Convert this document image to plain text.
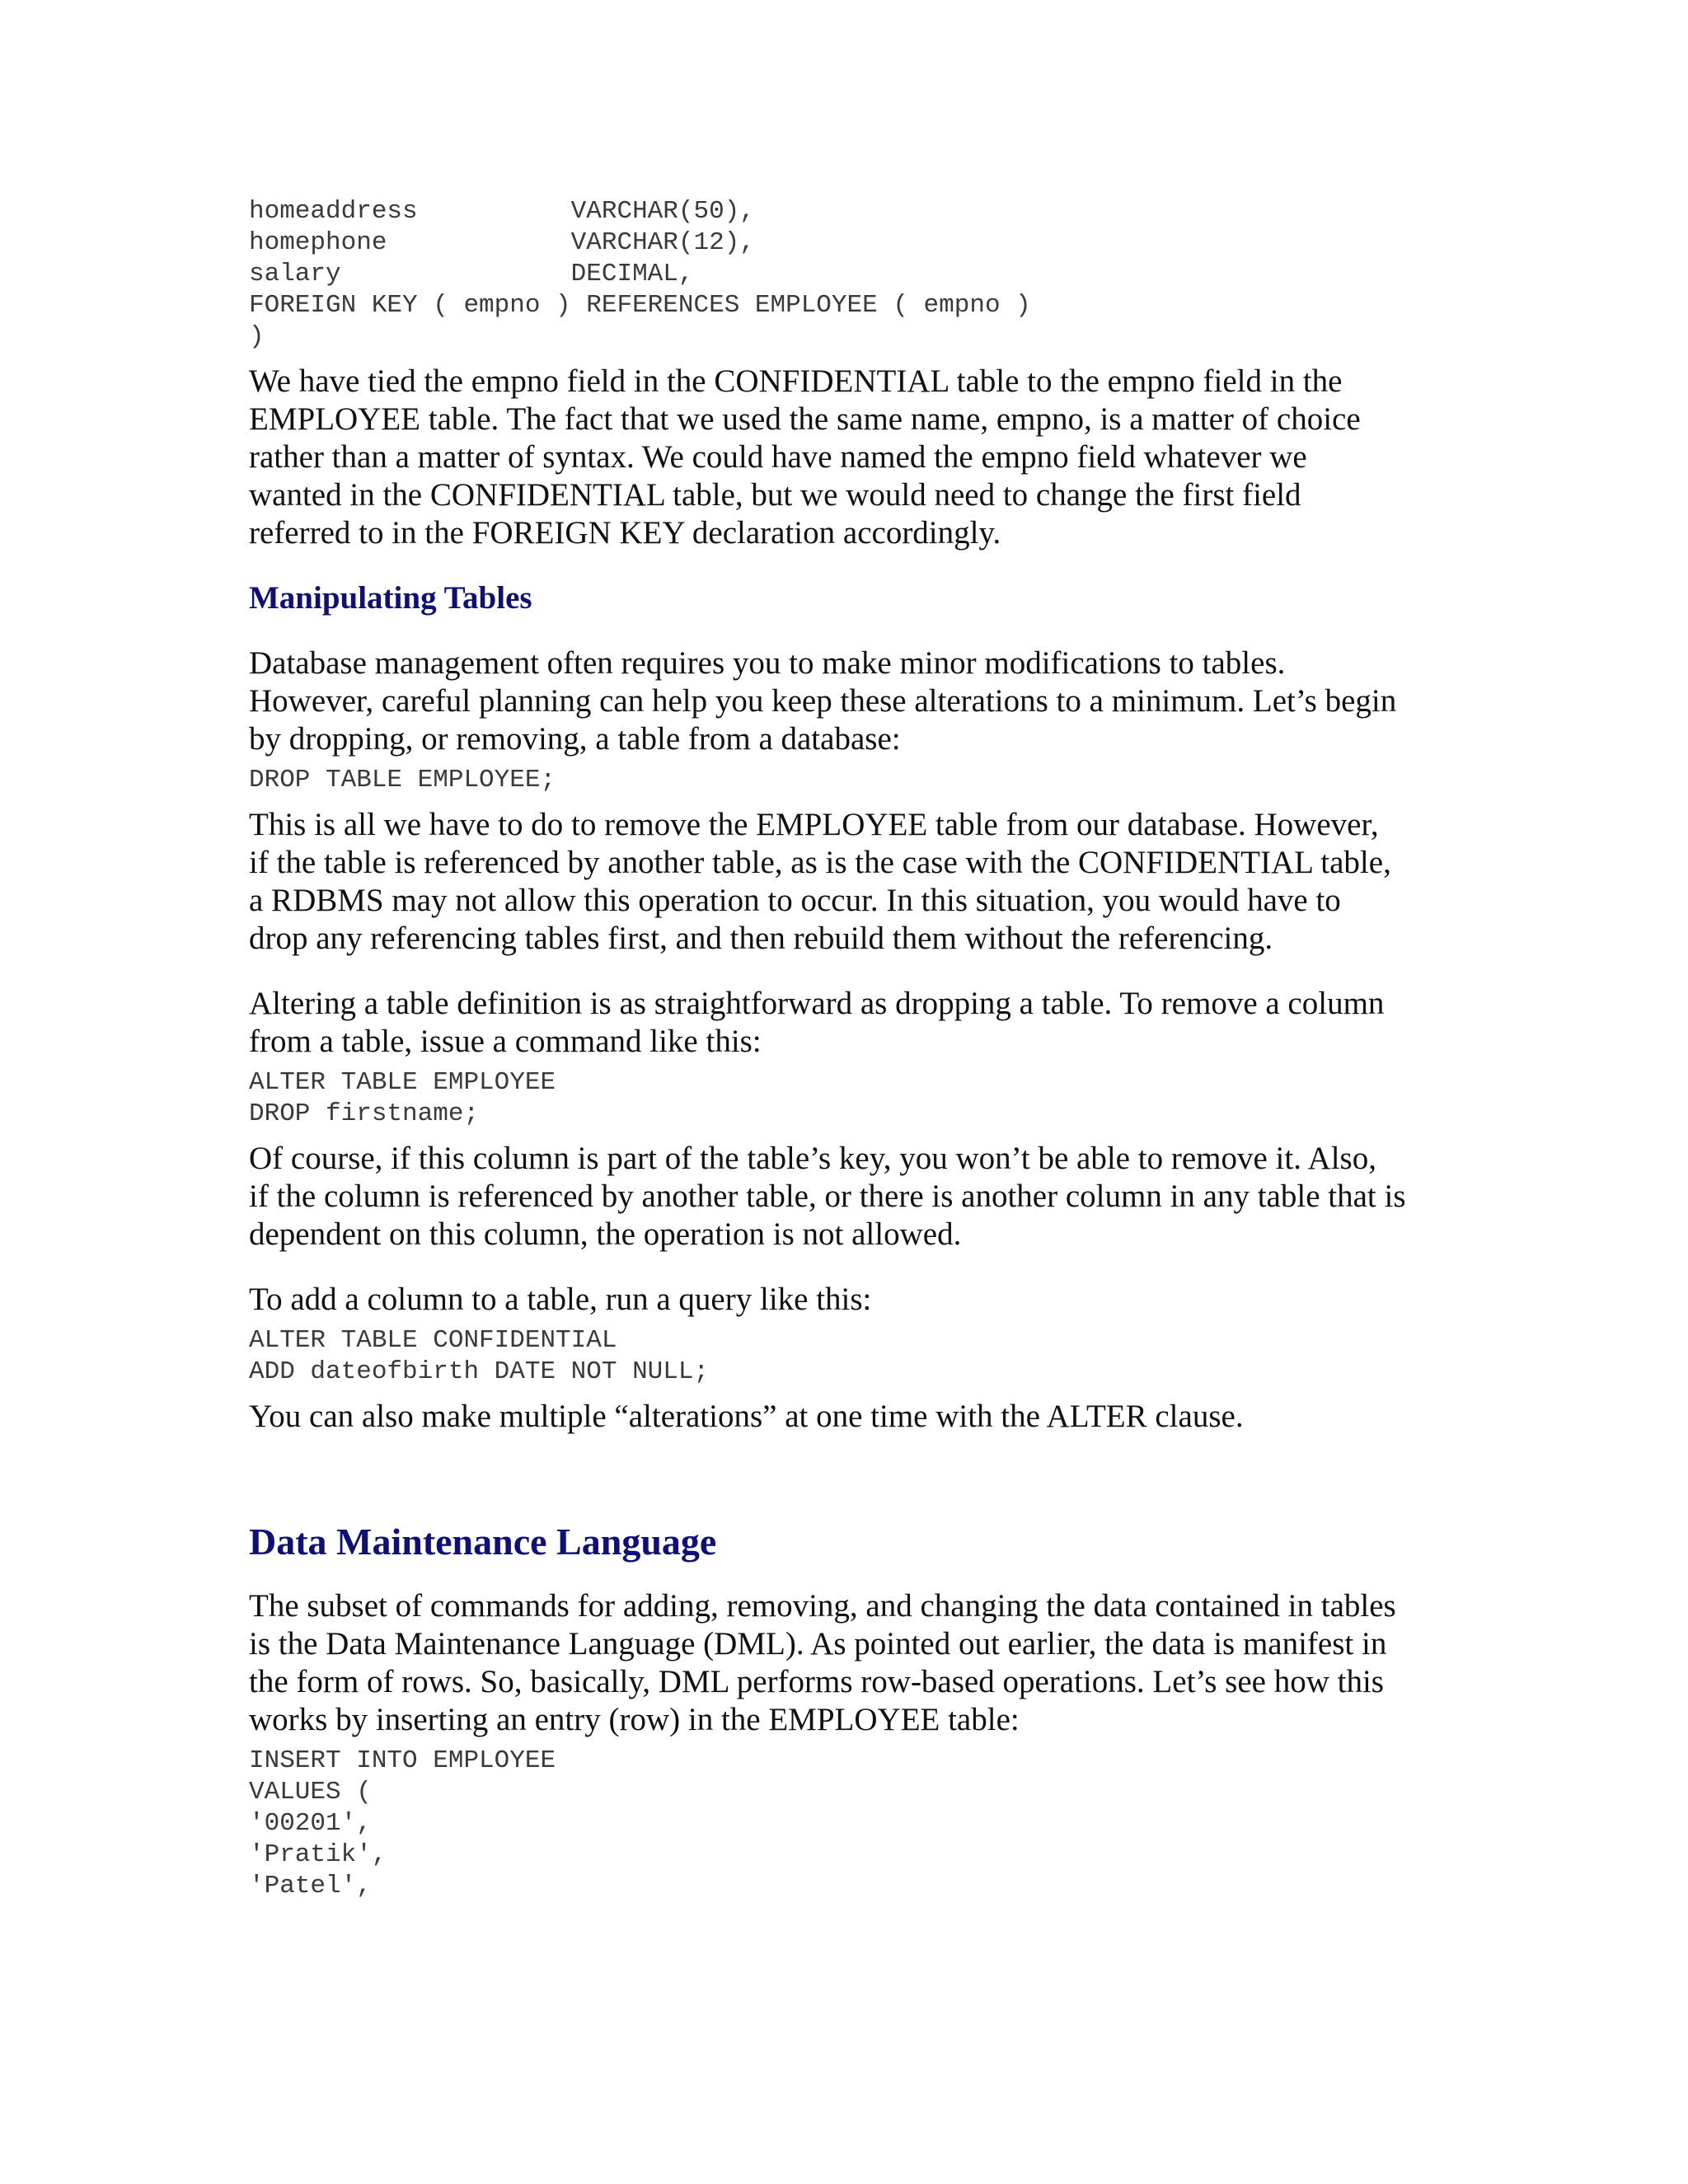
homeaddress          VARCHAR(50),
homephone            VARCHAR(12),
salary               DECIMAL,
FOREIGN KEY ( empno ) REFERENCES EMPLOYEE ( empno )
)

We have tied the empno field in the CONFIDENTIAL table to the empno field in the
EMPLOYEE table. The fact that we used the same name, empno, is a matter of choice
rather than a matter of syntax. We could have named the empno field whatever we
wanted in the CONFIDENTIAL table, but we would need to change the first field
referred to in the FOREIGN KEY declaration accordingly.

Manipulating Tables

Database management often requires you to make minor modifications to tables.
However, careful planning can help you keep these alterations to a minimum. Let’s begin
by dropping, or removing, a table from a database:

DROP TABLE EMPLOYEE;

This is all we have to do to remove the EMPLOYEE table from our database. However,
if the table is referenced by another table, as is the case with the CONFIDENTIAL table,
a RDBMS may not allow this operation to occur. In this situation, you would have to
drop any referencing tables first, and then rebuild them without the referencing.

Altering a table definition is as straightforward as dropping a table. To remove a column
from a table, issue a command like this:

ALTER TABLE EMPLOYEE
DROP firstname;

Of course, if this column is part of the table’s key, you won’t be able to remove it. Also,
if the column is referenced by another table, or there is another column in any table that is
dependent on this column, the operation is not allowed.

To add a column to a table, run a query like this:

ALTER TABLE CONFIDENTIAL
ADD dateofbirth DATE NOT NULL;

You can also make multiple “alterations” at one time with the ALTER clause.

Data Maintenance Language

The subset of commands for adding, removing, and changing the data contained in tables
is the Data Maintenance Language (DML). As pointed out earlier, the data is manifest in
the form of rows. So, basically, DML performs row-based operations. Let’s see how this
works by inserting an entry (row) in the EMPLOYEE table:

INSERT INTO EMPLOYEE
VALUES (
'00201',
'Pratik',
'Patel',
